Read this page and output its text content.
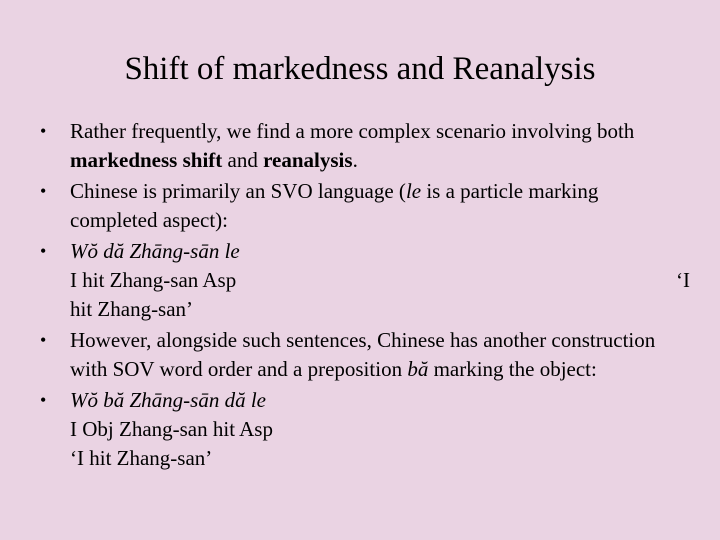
Shift of markedness and Reanalysis
•	Rather frequently, we find a more complex scenario involving both markedness shift and reanalysis.
•	Chinese is primarily an SVO language (le is a particle marking completed aspect):
•	Wŏ dă Zhāng-sān le
I hit Zhang-san Asp	‘I
hit Zhang-san’
•	However, alongside such sentences, Chinese has another construction with SOV word order and a preposition bă marking the object:
•	Wŏ bă Zhāng-sān dă le
I Obj Zhang-san hit Asp
‘I hit Zhang-san’
